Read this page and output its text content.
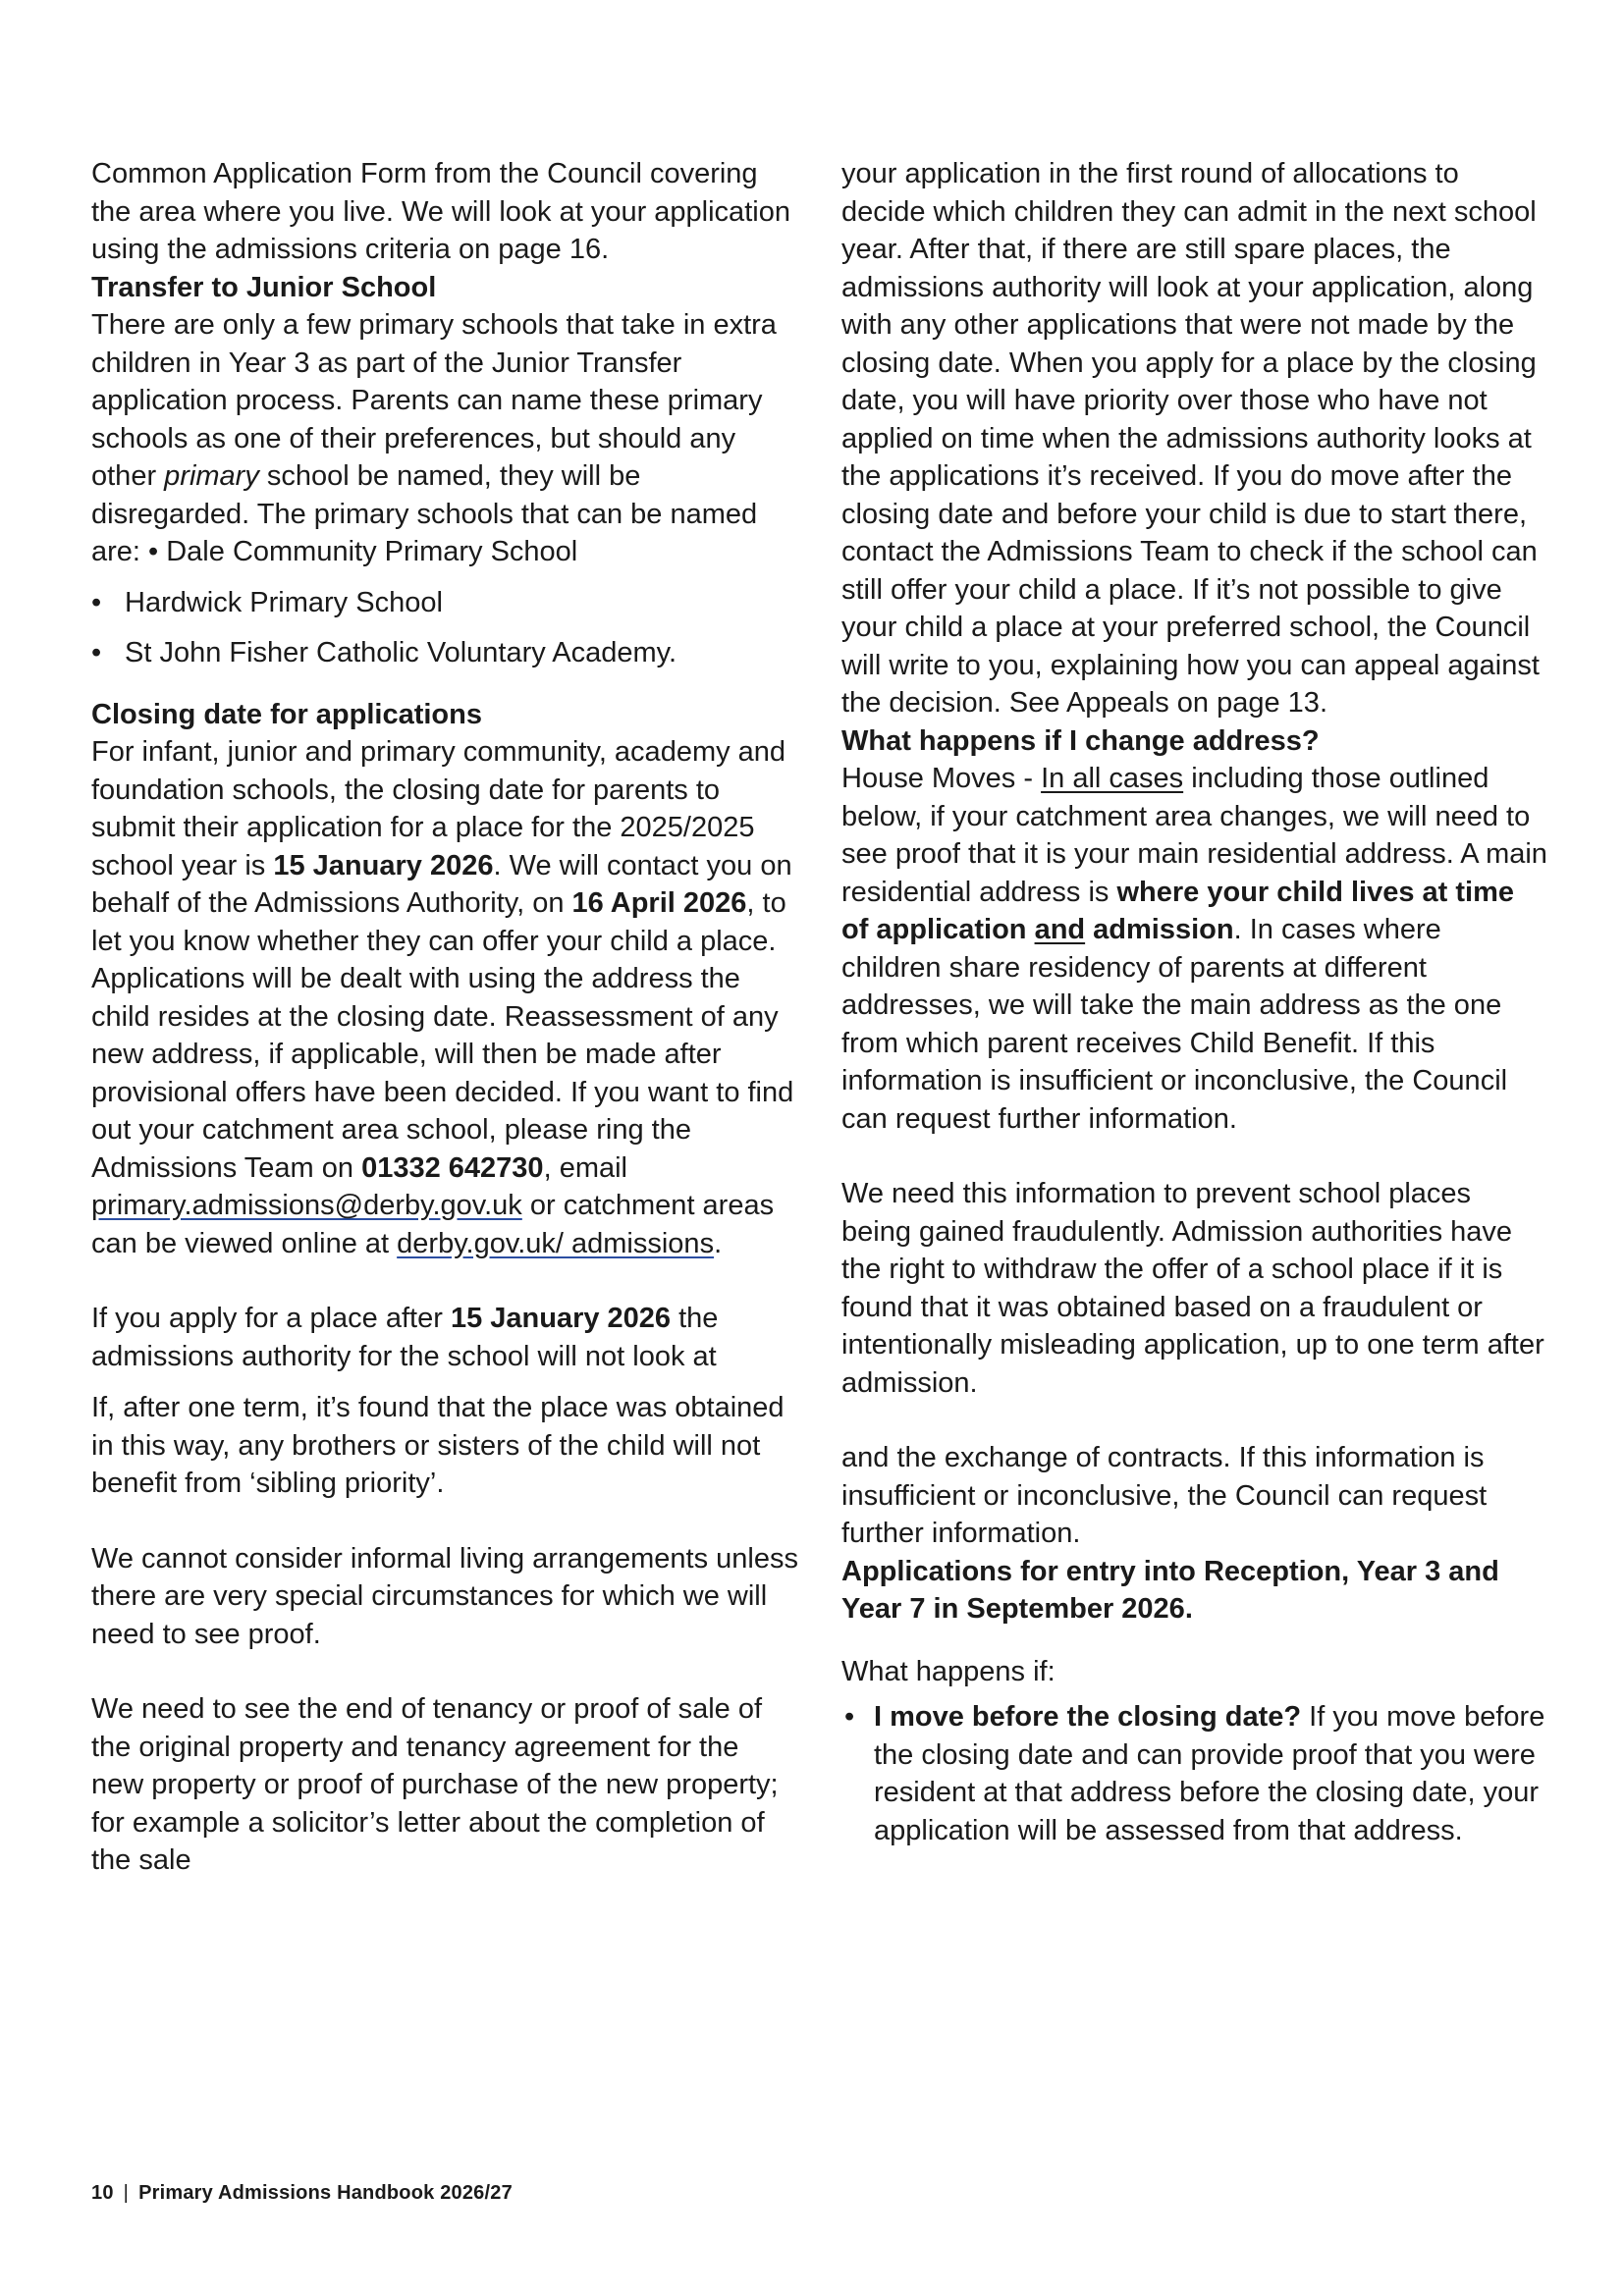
Common Application Form from the Council covering the area where you live. We will look at your application using the admissions criteria on page 16.

Transfer to Junior School

There are only a few primary schools that take in extra children in Year 3 as part of the Junior Transfer application process. Parents can name these primary schools as one of their preferences, but should any other primary school be named, they will be disregarded. The primary schools that can be named are: • Dale Community Primary School

• Hardwick Primary School
• St John Fisher Catholic Voluntary Academy.

Closing date for applications

For infant, junior and primary community, academy and foundation schools, the closing date for parents to submit their application for a place for the 2025/2025 school year is 15 January 2026. We will contact you on behalf of the Admissions Authority, on 16 April 2026, to let you know whether they can offer your child a place. Applications will be dealt with using the address the child resides at the closing date. Reassessment of any new address, if applicable, will then be made after provisional offers have been decided. If you want to find out your catchment area school, please ring the Admissions Team on 01332 642730, email primary.admissions@derby.gov.uk or catchment areas can be viewed online at derby.gov.uk/ admissions.

If you apply for a place after 15 January 2026 the admissions authority for the school will not look at

If, after one term, it’s found that the place was obtained in this way, any brothers or sisters of the child will not benefit from ‘sibling priority’.

We cannot consider informal living arrangements unless there are very special circumstances for which we will need to see proof.

We need to see the end of tenancy or proof of sale of the original property and tenancy agreement for the new property or proof of purchase of the new property; for example a solicitor’s letter about the completion of the sale

your application in the first round of allocations to decide which children they can admit in the next school year. After that, if there are still spare places, the admissions authority will look at your application, along with any other applications that were not made by the closing date. When you apply for a place by the closing date, you will have priority over those who have not applied on time when the admissions authority looks at the applications it’s received. If you do move after the closing date and before your child is due to start there, contact the Admissions Team to check if the school can still offer your child a place. If it’s not possible to give your child a place at your preferred school, the Council will write to you, explaining how you can appeal against the decision. See Appeals on page 13.

What happens if I change address?

House Moves - In all cases including those outlined below, if your catchment area changes, we will need to see proof that it is your main residential address. A main residential address is where your child lives at time of application and admission. In cases where children share residency of parents at different addresses, we will take the main address as the one from which parent receives Child Benefit. If this information is insufficient or inconclusive, the Council can request further information.

We need this information to prevent school places being gained fraudulently. Admission authorities have the right to withdraw the offer of a school place if it is found that it was obtained based on a fraudulent or intentionally misleading application, up to one term after admission.

and the exchange of contracts. If this information is insufficient or inconclusive, the Council can request further information.

Applications for entry into Reception, Year 3 and Year 7 in September 2026.

What happens if:

• I move before the closing date? If you move before the closing date and can provide proof that you were resident at that address before the closing date, your application will be assessed from that address.
10 | Primary Admissions Handbook 2026/27
